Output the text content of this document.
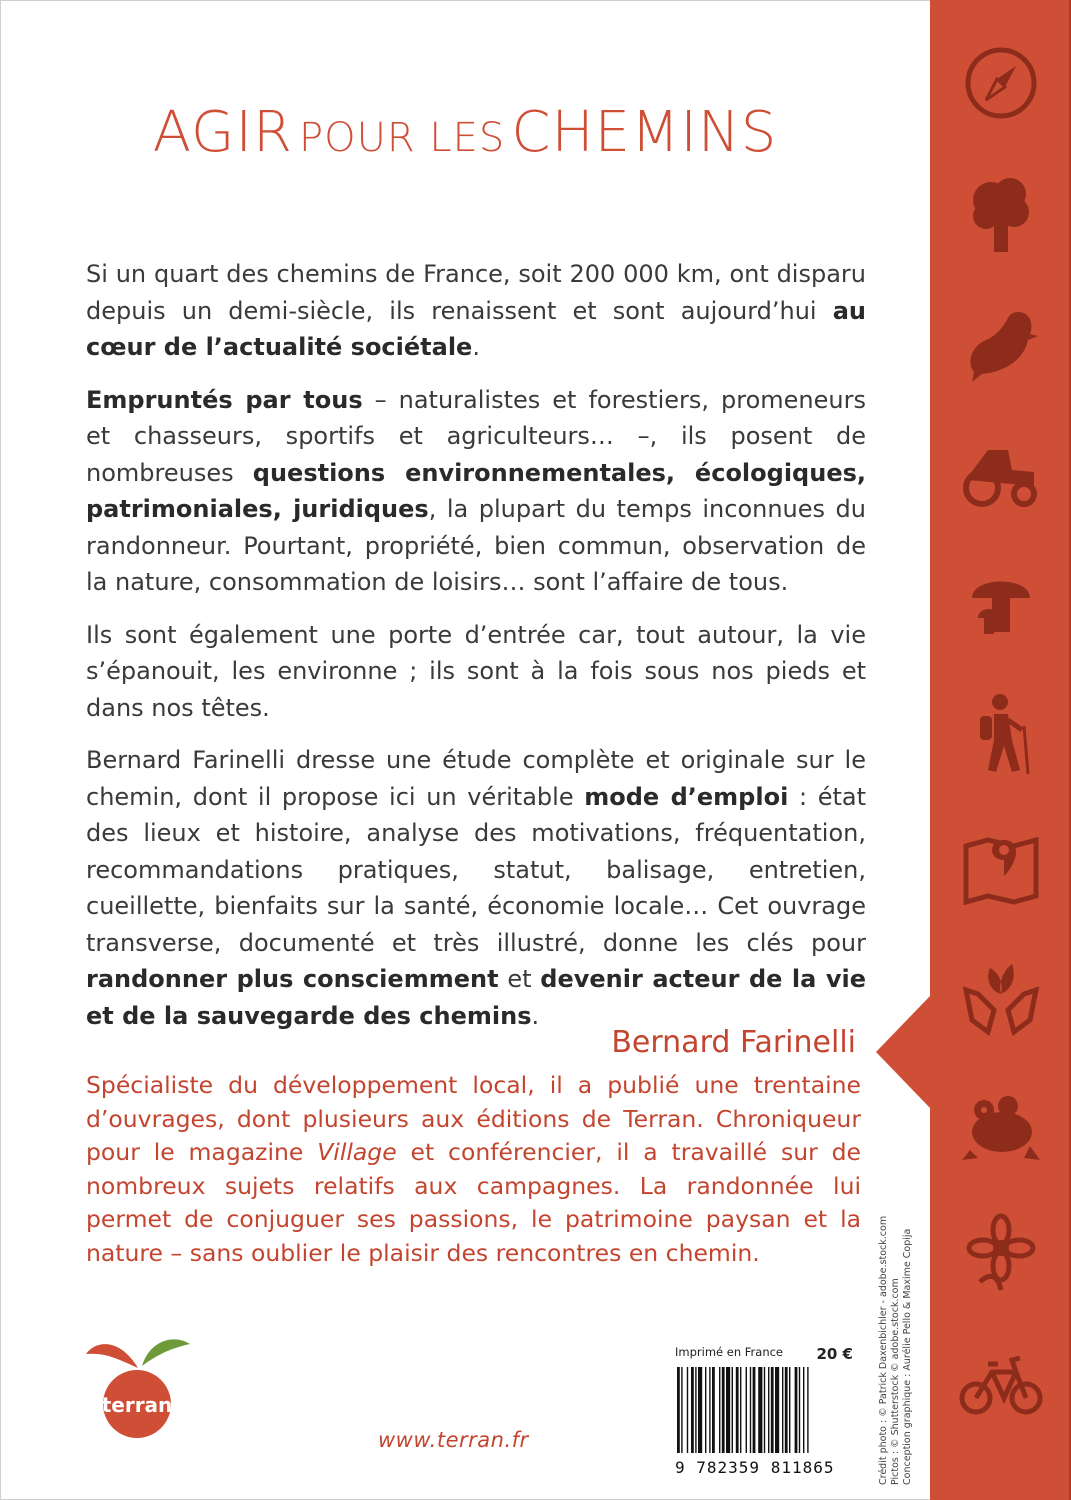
AGIR POUR LES CHEMINS

Si un quart des chemins de France, soit 200 000 km, ont disparu depuis un demi-siècle, ils renaissent et sont aujourd’hui au cœur de l’actualité sociétale.

Empruntés par tous – naturalistes et forestiers, promeneurs et chasseurs, sportifs et agriculteurs… –, ils posent de nombreuses questions environnementales, écologiques, patrimoniales, juridiques, la plupart du temps inconnues du randonneur. Pourtant, propriété, bien commun, observation de la nature, consommation de loisirs… sont l’affaire de tous.

Ils sont également une porte d’entrée car, tout autour, la vie s’épanouit, les environne ; ils sont à la fois sous nos pieds et dans nos têtes.

Bernard Farinelli dresse une étude complète et originale sur le chemin, dont il propose ici un véritable mode d’emploi : état des lieux et histoire, analyse des motivations, fréquentation, recommandations pratiques, statut, balisage, entretien, cueillette, bienfaits sur la santé, économie locale… Cet ouvrage transverse, documenté et très illustré, donne les clés pour randonner plus consciemment et devenir acteur de la vie et de la sauvegarde des chemins.

Bernard Farinelli
Spécialiste du développement local, il a publié une trentaine d’ouvrages, dont plusieurs aux éditions de Terran. Chroniqueur pour le magazine Village et conférencier, il a travaillé sur de nombreux sujets relatifs aux campagnes. La randonnée lui permet de conjuguer ses passions, le patrimoine paysan et la nature – sans oublier le plaisir des rencontres en chemin.
terran
www.terran.fr
Imprimé en France 20 €
9 782359 811865	Crédit photo : © Patrick Daxenbichler - adobe.stock.com Pictos : © Shutterstock © adobe.stock.com Conception graphique : Aurélie Pello & Maxime Copija
